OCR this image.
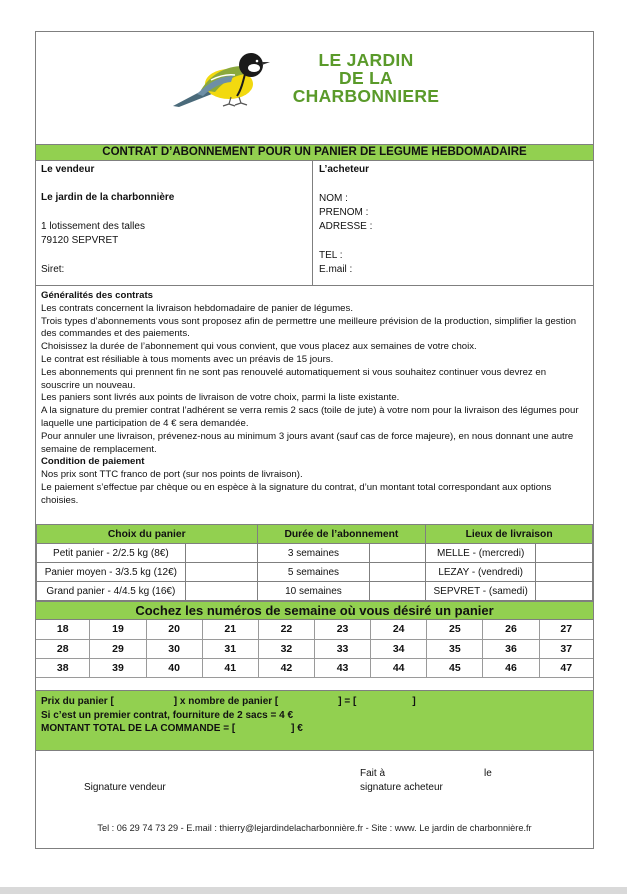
LE JARDIN
DE LA
CHARBONNIERE
CONTRAT D’ABONNEMENT POUR UN PANIER DE LEGUME HEBDOMADAIRE
Le vendeur
Le jardin de la charbonnière
1 lotissement des talles
79120 SEPVRET
Siret:
L’acheteur
NOM :
PRENOM :
ADRESSE :
TEL :
E.mail :

Généralités des contrats

Les contrats concernent la livraison hebdomadaire de panier de légumes.

Trois types d’abonnements vous sont proposez afin de permettre une meilleure prévision de la production, simplifier la gestion des commandes et des paiements.

Choisissez la durée de l’abonnement qui vous convient, que vous placez aux semaines de votre choix.

Le contrat est résiliable à tous moments avec un préavis de 15 jours.

Les abonnements qui prennent fin ne sont pas renouvelé automatiquement si vous souhaitez continuer vous devrez en souscrire un nouveau.

Les paniers sont livrés aux points de livraison de votre choix, parmi la liste existante.

A la signature du premier contrat l’adhérent se verra remis 2 sacs (toile de jute) à votre nom pour la livraison des légumes pour laquelle une participation de 4 € sera demandée.

Pour annuler une livraison, prévenez-nous au minimum 3 jours avant (sauf cas de force majeure), en nous donnant une autre semaine de remplacement.

Condition de paiement

Nos prix sont TTC franco de port (sur nos points de livraison).

Le paiement s’effectue par chèque ou en espèce à la signature du contrat, d’un montant total correspondant aux options choisies.

Choix du panier		Durée de l’abonnement		Lieux de livraison	
Petit panier - 2/2.5 kg (8€)		3 semaines		MELLE - (mercredi)	
Panier moyen - 3/3.5 kg (12€)		5 semaines		LEZAY - (vendredi)	
Grand panier - 4/4.5 kg (16€)		10 semaines		SEPVRET - (samedi)	
Cochez les numéros de semaine où vous désiré un panier
18	19	20	21	22	23	24	25	26	27
28	29	30	31	32	33	34	35	36	37
38	39	40	41	42	43	44	45	46	47
Prix du panier [	] x nombre de panier [	] = [	]
Si c’est un premier contrat, fourniture de 2 sacs = 4 €
MONTANT TOTAL DE LA COMMANDE = [	] €
Fait à	le
Signature vendeur	signature acheteur
Tel : 06 29 74 73 29 - E.mail : thierry@lejardindelacharbonnière.fr - Site : www. Le jardin de charbonnière.fr
